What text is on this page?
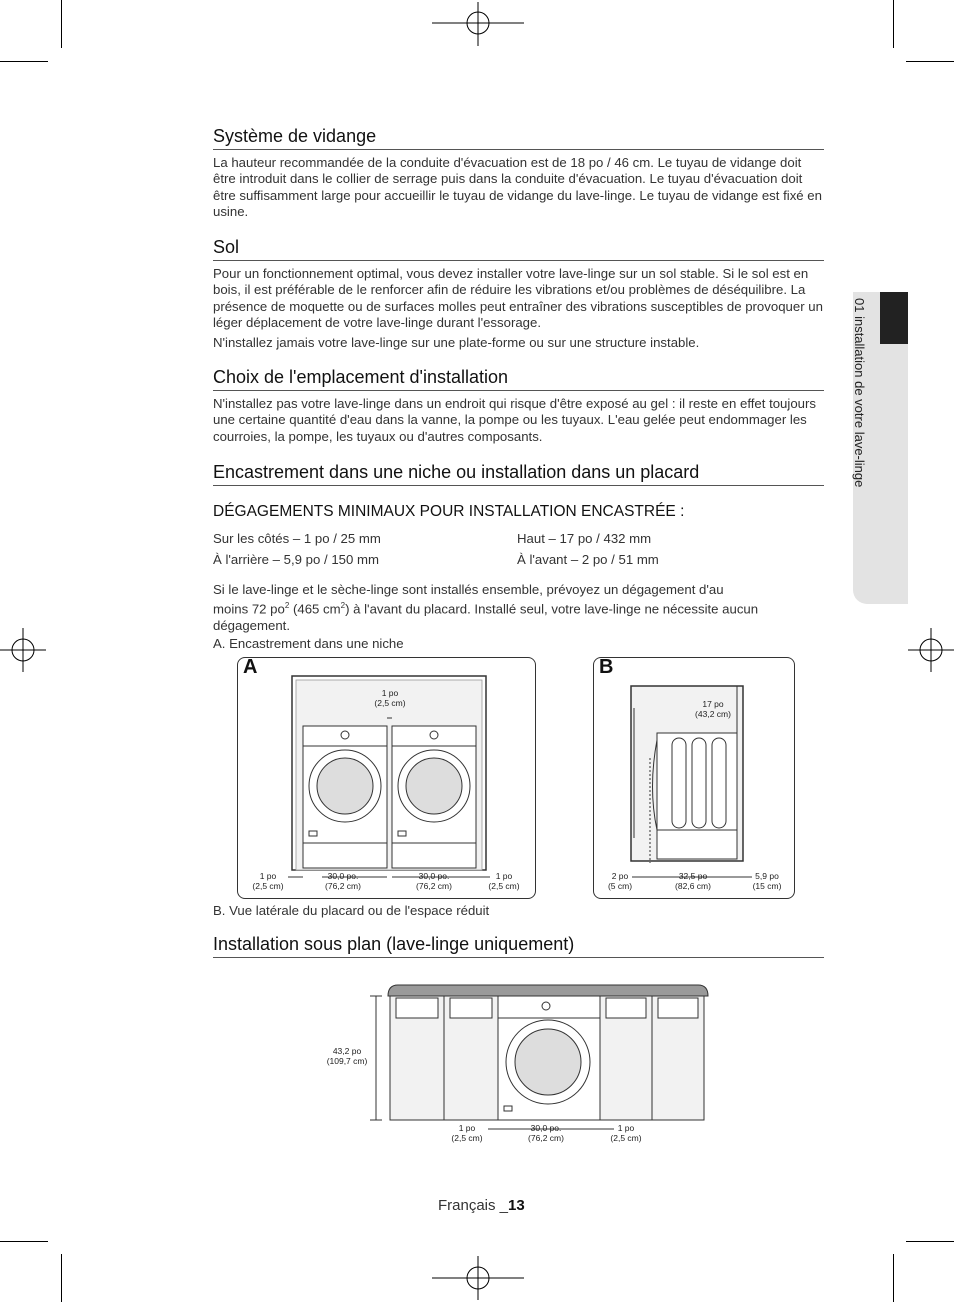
01 installation de votre lave-linge
Système de vidange

La hauteur recommandée de la conduite d'évacuation est de 18 po / 46 cm. Le tuyau de vidange doit être introduit dans le collier de serrage puis dans la conduite d'évacuation. Le tuyau d'évacuation doit être suffisamment large pour accueillir le tuyau de vidange du lave-linge. Le tuyau de vidange est fixé en usine.

Sol

Pour un fonctionnement optimal, vous devez installer votre lave-linge sur un sol stable. Si le sol est en bois, il est préférable de le renforcer afin de réduire les vibrations et/ou problèmes de déséquilibre. La présence de moquette ou de surfaces molles peut entraîner des vibrations susceptibles de provoquer un léger déplacement de votre lave-linge durant l'essorage.

N'installez jamais votre lave-linge sur une plate-forme ou sur une structure instable.

Choix de l'emplacement d'installation

N'installez pas votre lave-linge dans un endroit qui risque d'être exposé au gel : il reste en effet toujours une certaine quantité d'eau dans la vanne, la pompe ou les tuyaux. L'eau gelée peut endommager les courroies, la pompe, les tuyaux ou d'autres composants.

Encastrement dans une niche ou installation dans un placard
DÉGAGEMENTS MINIMAUX POUR INSTALLATION ENCASTRÉE :
Sur les côtés – 1 po / 25 mm	Haut – 17 po / 432 mm
À l'arrière – 5,9 po / 150 mm	À l'avant – 2 po / 51 mm

Si le lave-linge et le sèche-linge sont installés ensemble, prévoyez un dégagement d'au

moins 72 $po^2$ (465 $cm^2$) à l'avant du placard. Installé seul, votre lave-linge ne nécessite aucun

dégagement.

A. Encastrement dans une niche
A
1 po
(2,5 cm)
1 po
(2,5 cm)
30,0 po.
(76,2 cm)
30,0 po.
(76,2 cm)
1 po
(2,5 cm)
B
17 po
(43,2 cm)
2 po
(5 cm)
32,5 po
(82,6 cm)
5,9 po
(15 cm)
B. Vue latérale du placard ou de l'espace réduit
Installation sous plan (lave-linge uniquement)
43,2 po
(109,7 cm)
1 po
(2,5 cm)
30,0 po.
(76,2 cm)
1 po
(2,5 cm)
Français _13
